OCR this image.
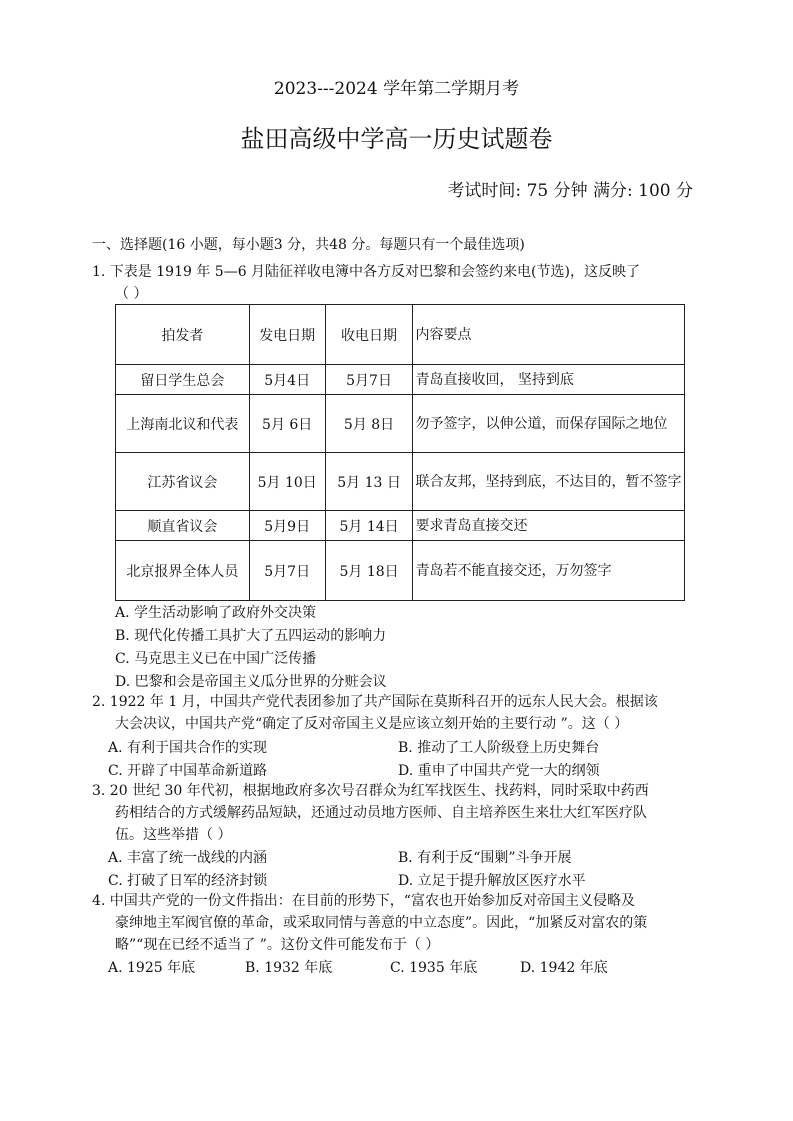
2023---2024 学年第二学期月考
盐田高级中学高一历史试题卷
考试时间: 75 分钟 满分: 100 分
一、选择题(16 小题，每小题3 分，共48 分。每题只有一个最佳选项)
1. 下表是 1919 年 5—6 月陆征祥收电簿中各方反对巴黎和会签约来电(节选)，这反映了
（ ）
拍发者	发电日期	收电日期	内容要点
留日学生总会	5月4日	5月7日	青岛直接收回， 坚持到底
上海南北议和代表	5月 6日	5月 8日	勿予签字，以伸公道，而保存国际之地位
江苏省议会	5月 10日	5月 13 日	联合友邦，坚持到底，不达目的，暂不签字
顺直省议会	5月9日	5月 14日	要求青岛直接交还
北京报界全体人员	5月7日	5月 18日	青岛若不能直接交还，万勿签字
A. 学生活动影响了政府外交决策
B. 现代化传播工具扩大了五四运动的影响力
C. 马克思主义已在中国广泛传播
D. 巴黎和会是帝国主义瓜分世界的分赃会议
2. 1922 年 1 月，中国共产党代表团参加了共产国际在莫斯科召开的远东人民大会。根据该
大会决议，中国共产党“确定了反对帝国主义是应该立刻开始的主要行动 ”。这（ ）
A. 有利于国共合作的实现	B. 推动了工人阶级登上历史舞台
C. 开辟了中国革命新道路	D. 重申了中国共产党一大的纲领
3. 20 世纪 30 年代初，根据地政府多次号召群众为红军找医生、找药料，同时采取中药西
药相结合的方式缓解药品短缺，还通过动员地方医师、自主培养医生来壮大红军医疗队
伍。这些举措（ ）
A. 丰富了统一战线的内涵	B. 有利于反“围剿”斗争开展
C. 打破了日军的经济封锁	D. 立足于提升解放区医疗水平
4. 中国共产党的一份文件指出：在目前的形势下，“富农也开始参加反对帝国主义侵略及
豪绅地主军阀官僚的革命，或采取同情与善意的中立态度”。因此，“加紧反对富农的策
略”“现在已经不适当了 ”。这份文件可能发布于（ ）
A. 1925 年底	B. 1932 年底	C. 1935 年底	D. 1942 年底
